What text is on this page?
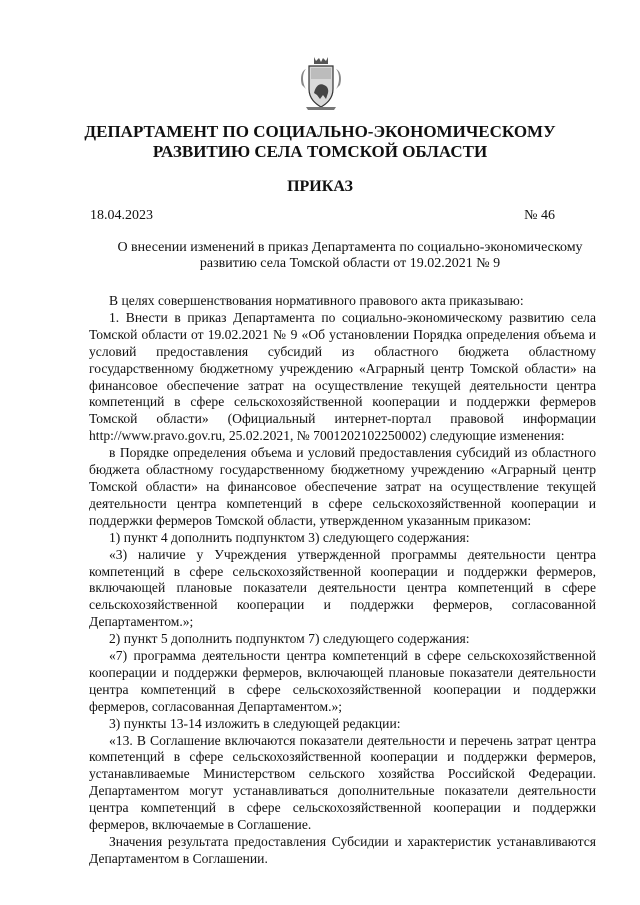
ДЕПАРТАМЕНТ ПО СОЦИАЛЬНО-ЭКОНОМИЧЕСКОМУ
РАЗВИТИЮ СЕЛА ТОМСКОЙ ОБЛАСТИ
ПРИКАЗ
18.04.2023	№ 46
О внесении изменений в приказ Департамента по социально-экономическому
развитию села Томской области от 19.02.2021 № 9

В целях совершенствования нормативного правового акта приказываю:

1. Внести в приказ Департамента по социально-экономическому развитию села Томской области от 19.02.2021 № 9 «Об установлении Порядка определения объема и условий предоставления субсидий из областного бюджета областному государственному бюджетному учреждению «Аграрный центр Томской области» на финансовое обеспечение затрат на осуществление текущей деятельности центра компетенций в сфере сельскохозяйственной кооперации и поддержки фермеров Томской области» (Официальный интернет-портал правовой информации http://www.pravo.gov.ru, 25.02.2021, № 7001202102250002) следующие изменения:

в Порядке определения объема и условий предоставления субсидий из областного бюджета областному государственному бюджетному учреждению «Аграрный центр Томской области» на финансовое обеспечение затрат на осуществление текущей деятельности центра компетенций в сфере сельскохозяйственной кооперации и поддержки фермеров Томской области, утвержденном указанным приказом:

1) пункт 4 дополнить подпунктом 3) следующего содержания:

«3) наличие у Учреждения утвержденной программы деятельности центра компетенций в сфере сельскохозяйственной кооперации и поддержки фермеров, включающей плановые показатели деятельности центра компетенций в сфере сельскохозяйственной кооперации и поддержки фермеров, согласованной Департаментом.»;

2) пункт 5 дополнить подпунктом 7) следующего содержания:

«7) программа деятельности центра компетенций в сфере сельскохозяйственной кооперации и поддержки фермеров, включающей плановые показатели деятельности центра компетенций в сфере сельскохозяйственной кооперации и поддержки фермеров, согласованная Департаментом.»;

3) пункты 13-14 изложить в следующей редакции:

«13. В Соглашение включаются показатели деятельности и перечень затрат центра компетенций в сфере сельскохозяйственной кооперации и поддержки фермеров, устанавливаемые Министерством сельского хозяйства Российской Федерации. Департаментом могут устанавливаться дополнительные показатели деятельности центра компетенций в сфере сельскохозяйственной кооперации и поддержки фермеров, включаемые в Соглашение.

Значения результата предоставления Субсидии и характеристик устанавливаются Департаментом в Соглашении.
